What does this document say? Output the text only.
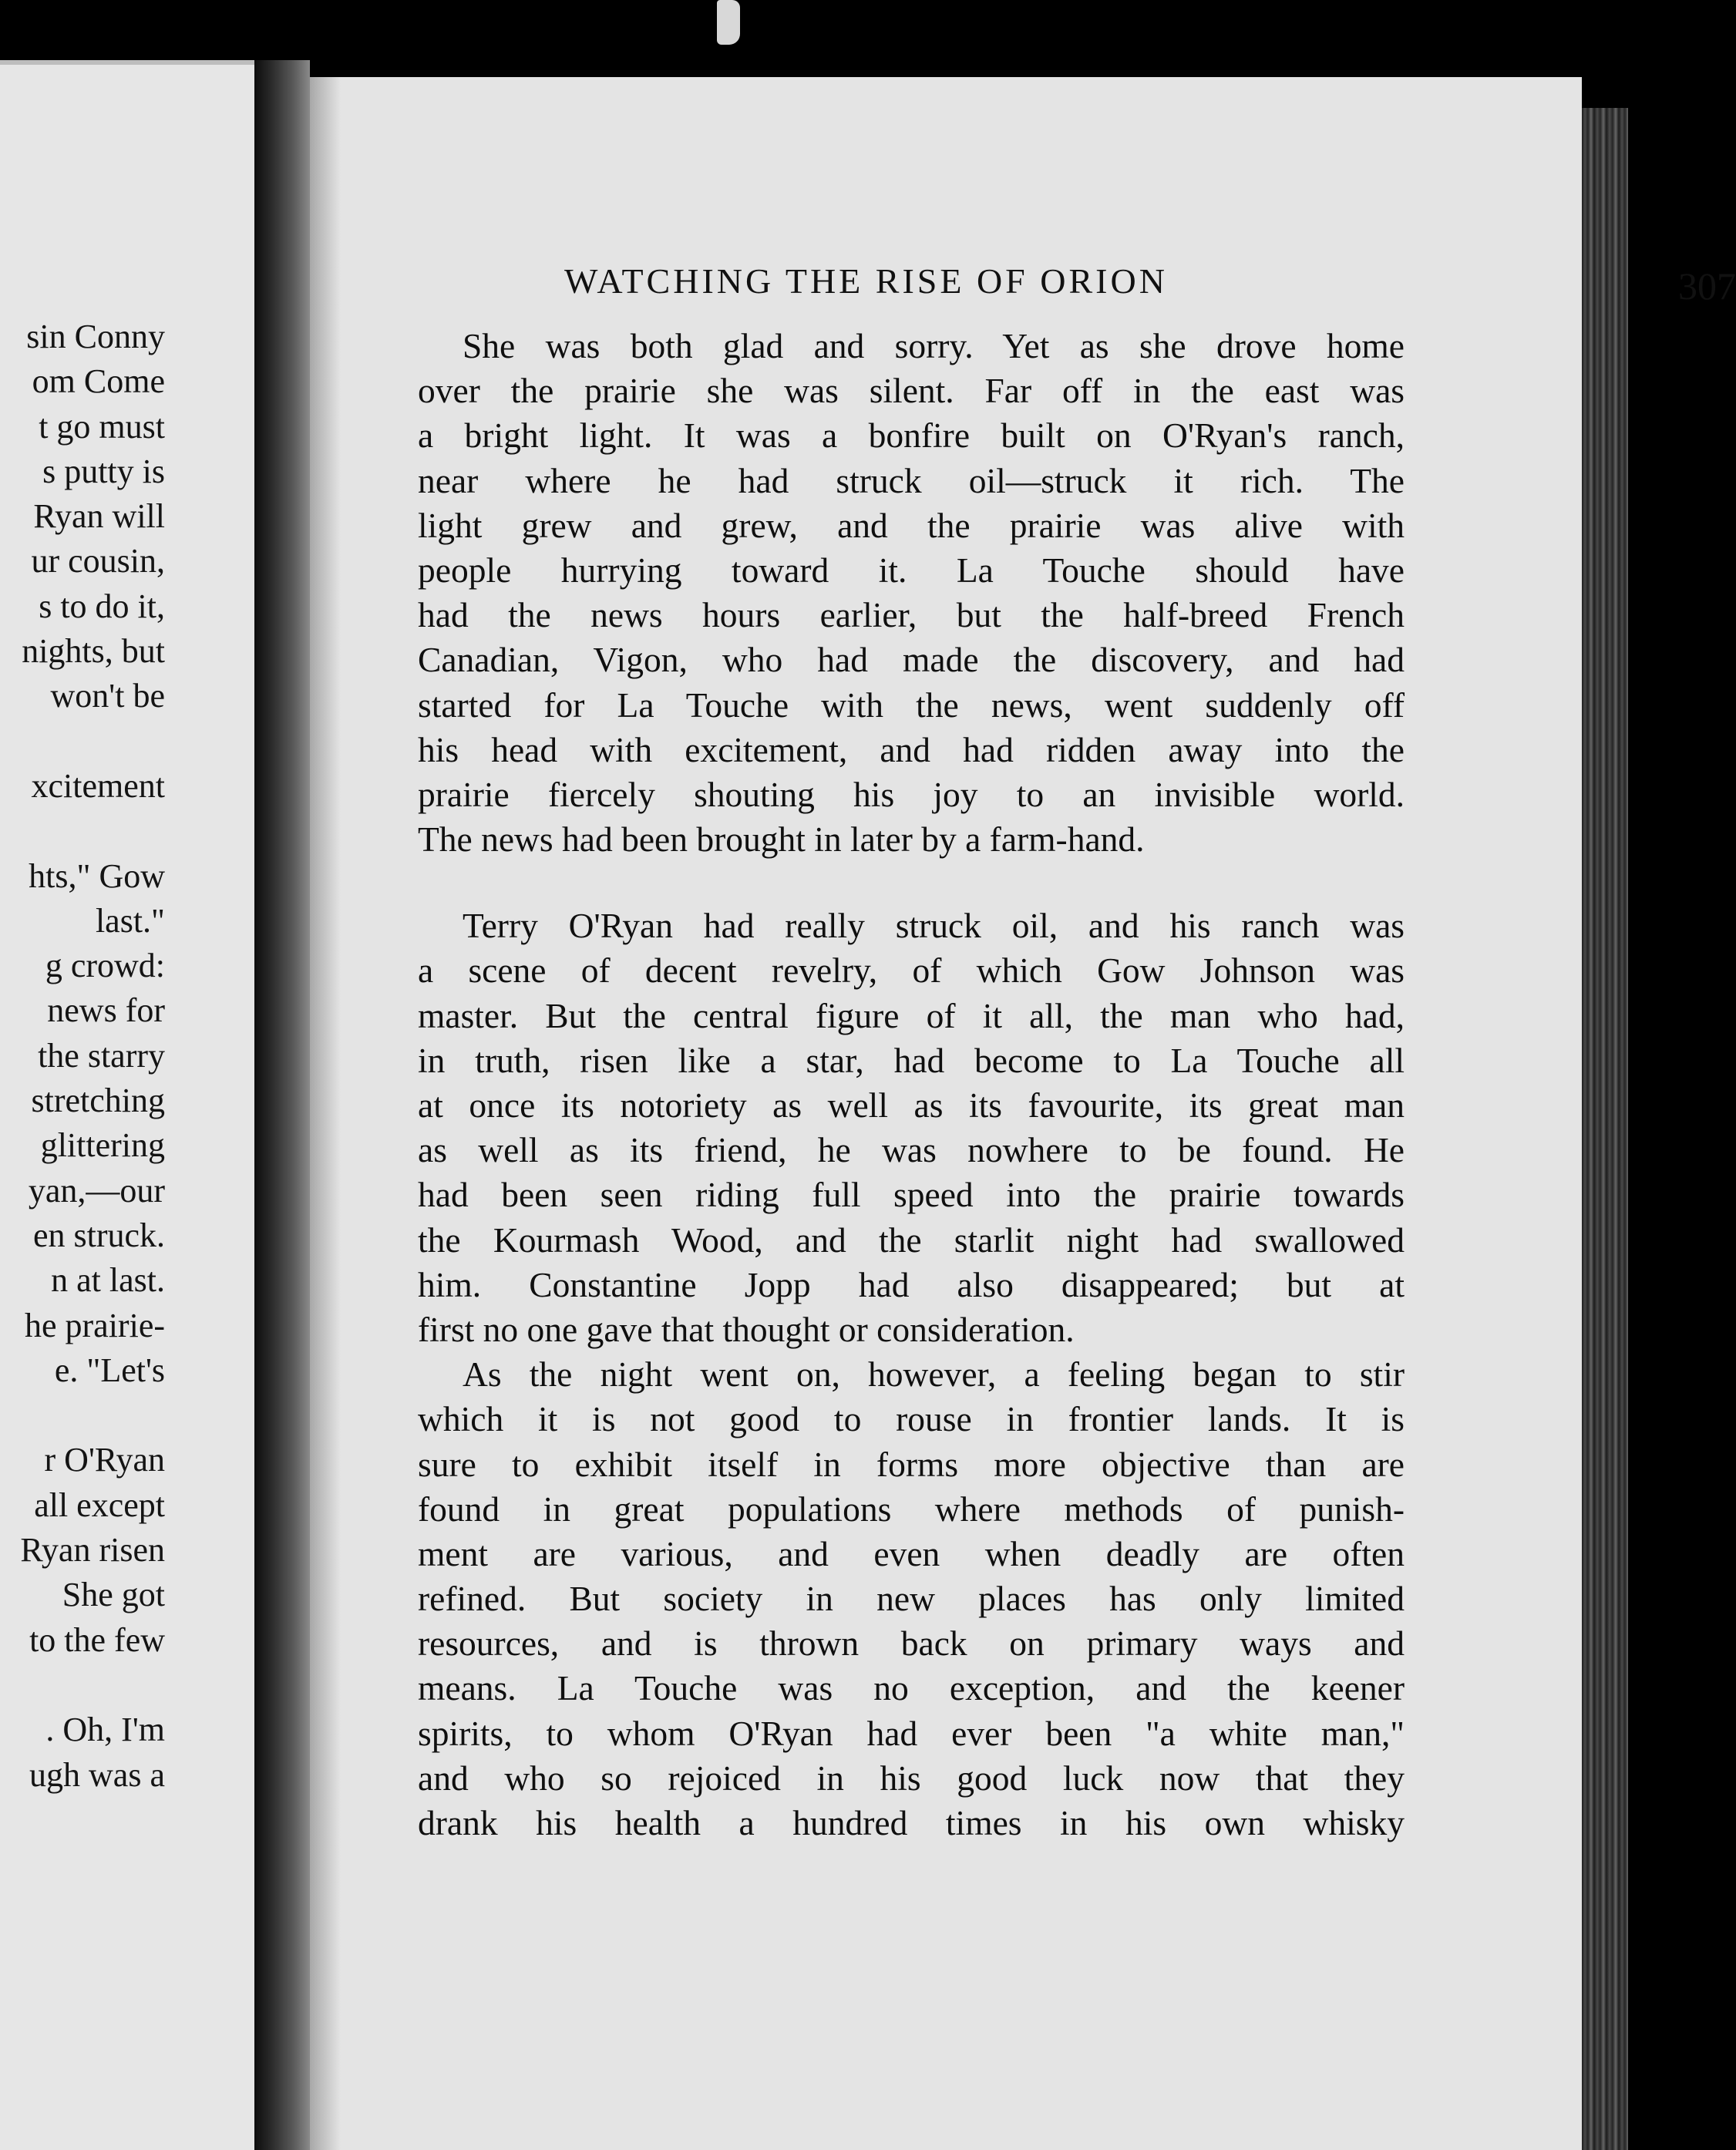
sin Conny
om Come
t go must
s putty is
Ryan will
ur cousin,
s to do it,
nights, but
won't be

xcitement

hts," Gow
last."
g crowd:
news for
the starry
stretching
glittering
yan,—our
en struck.
n at last.
he prairie-
e. "Let's

r O'Ryan
all except
Ryan risen
She got
to the few

. Oh, I'm
ugh was a
WATCHING THE RISE OF ORION	307
She was both glad and sorry. Yet as she drove home
over the prairie she was silent. Far off in the east was
a bright light. It was a bonfire built on O'Ryan's ranch,
near where he had struck oil—struck it rich. The
light grew and grew, and the prairie was alive with
people hurrying toward it. La Touche should have
had the news hours earlier, but the half-breed French
Canadian, Vigon, who had made the discovery, and had
started for La Touche with the news, went suddenly off
his head with excitement, and had ridden away into the
prairie fiercely shouting his joy to an invisible world.
The news had been brought in later by a farm-hand.
Terry O'Ryan had really struck oil, and his ranch was
a scene of decent revelry, of which Gow Johnson was
master. But the central figure of it all, the man who had,
in truth, risen like a star, had become to La Touche all
at once its notoriety as well as its favourite, its great man
as well as its friend, he was nowhere to be found. He
had been seen riding full speed into the prairie towards
the Kourmash Wood, and the starlit night had swallowed
him. Constantine Jopp had also disappeared; but at
first no one gave that thought or consideration.
As the night went on, however, a feeling began to stir
which it is not good to rouse in frontier lands. It is
sure to exhibit itself in forms more objective than are
found in great populations where methods of punish-
ment are various, and even when deadly are often
refined. But society in new places has only limited
resources, and is thrown back on primary ways and
means. La Touche was no exception, and the keener
spirits, to whom O'Ryan had ever been "a white man,"
and who so rejoiced in his good luck now that they
drank his health a hundred times in his own whisky
